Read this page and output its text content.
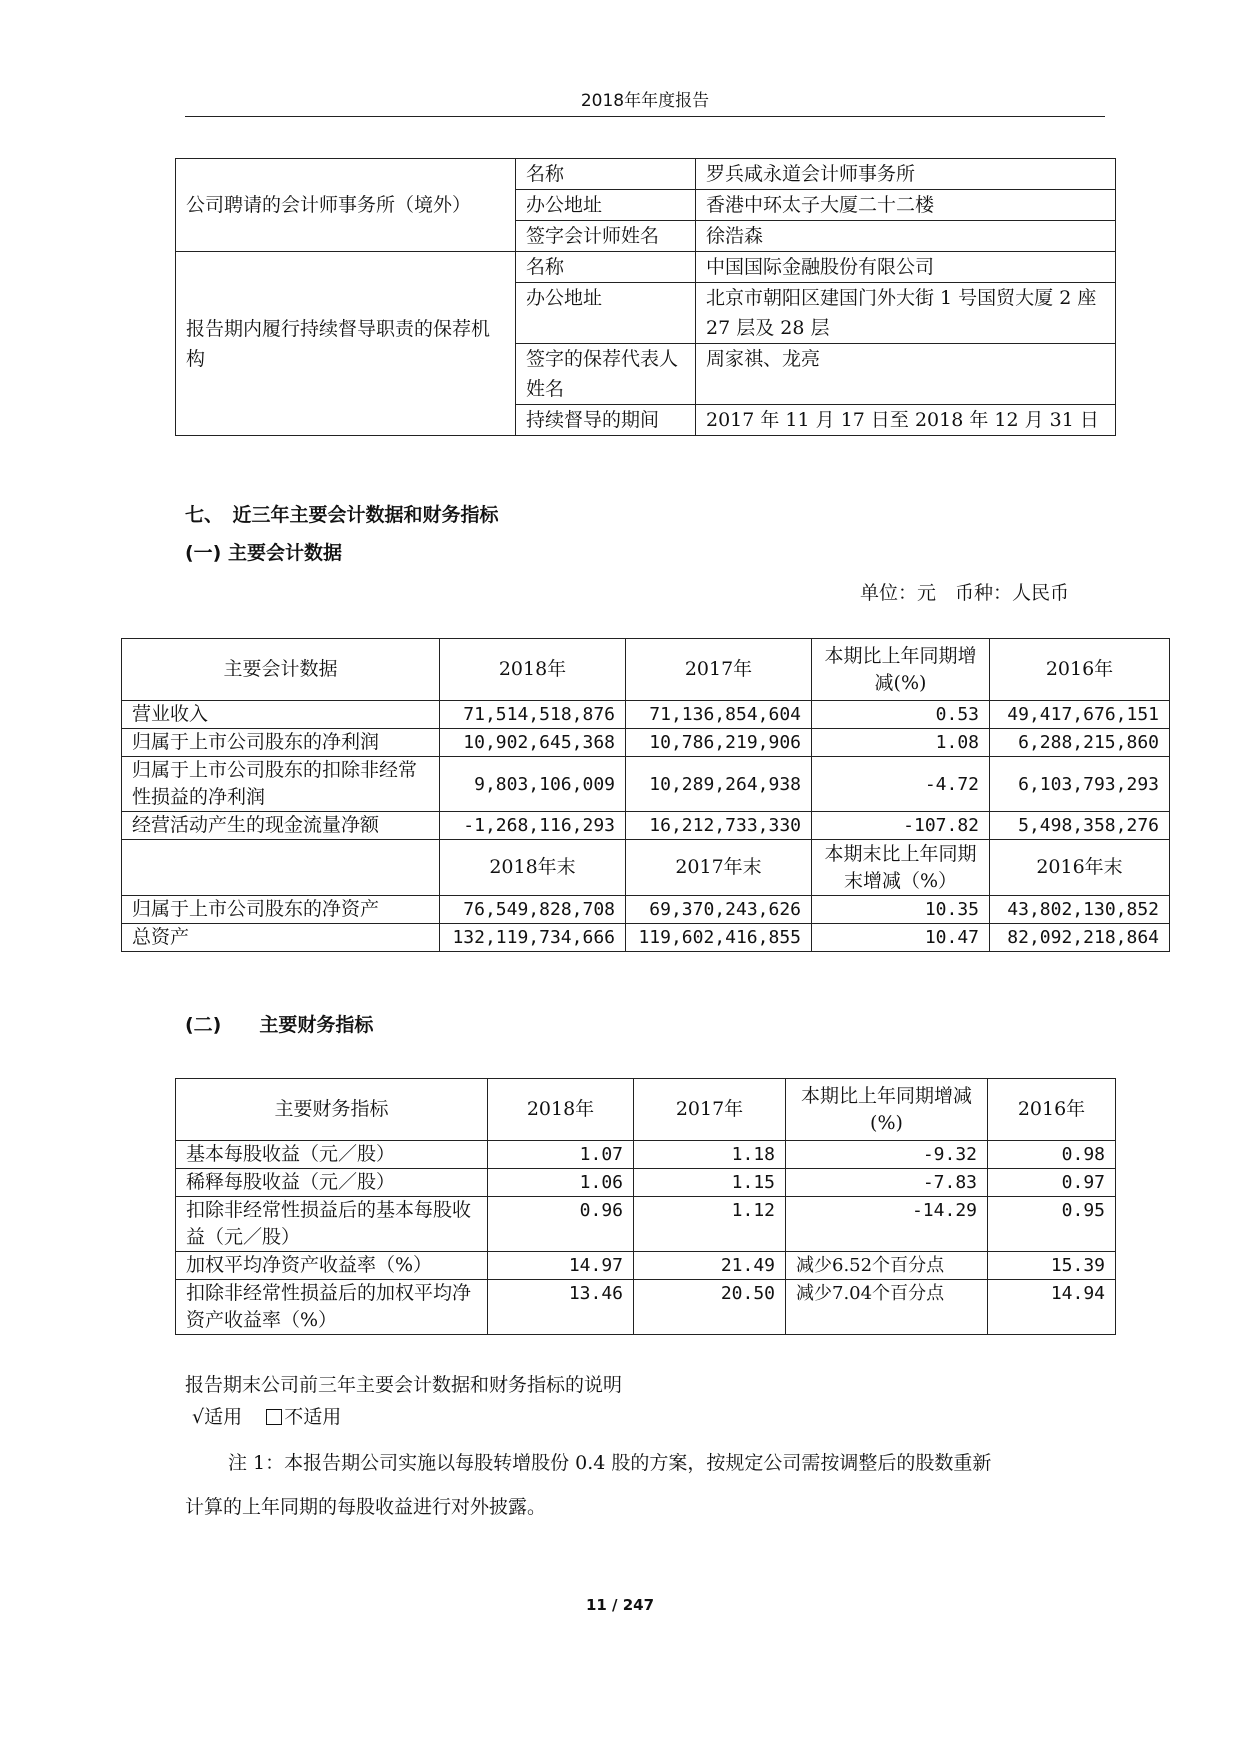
2018年年度报告
公司聘请的会计师事务所（境外）	名称	罗兵咸永道会计师事务所
	办公地址	香港中环太子大厦二十二楼
	签字会计师姓名	徐浩森
报告期内履行持续督导职责的保荐机构	名称	中国国际金融股份有限公司
	办公地址	北京市朝阳区建国门外大街 1 号国贸大厦 2 座 27 层及 28 层
	签字的保荐代表人姓名	周家祺、龙亮
	持续督导的期间	2017 年 11 月 17 日至 2018 年 12 月 31 日
七、　近三年主要会计数据和财务指标
(一) 主要会计数据
单位：元　币种：人民币
主要会计数据	2018年	2017年	本期比上年同期增减(%)	2016年
营业收入	71,514,518,876	71,136,854,604	0.53	49,417,676,151
归属于上市公司股东的净利润	10,902,645,368	10,786,219,906	1.08	6,288,215,860
归属于上市公司股东的扣除非经常性损益的净利润	9,803,106,009	10,289,264,938	-4.72	6,103,793,293
经营活动产生的现金流量净额	-1,268,116,293	16,212,733,330	-107.82	5,498,358,276
	2018年末	2017年末	本期末比上年同期末增减（%）	2016年末
归属于上市公司股东的净资产	76,549,828,708	69,370,243,626	10.35	43,802,130,852
总资产	132,119,734,666	119,602,416,855	10.47	82,092,218,864
(二)　　主要财务指标
主要财务指标	2018年	2017年	本期比上年同期增减(%)	2016年
基本每股收益（元／股）	1.07	1.18	-9.32	0.98
稀释每股收益（元／股）	1.06	1.15	-7.83	0.97
扣除非经常性损益后的基本每股收益（元／股）	0.96	1.12	-14.29	0.95
加权平均净资产收益率（%）	14.97	21.49	减少6.52个百分点	15.39
扣除非经常性损益后的加权平均净资产收益率（%）	13.46	20.50	减少7.04个百分点	14.94
报告期末公司前三年主要会计数据和财务指标的说明
√适用 不适用
注 1：本报告期公司实施以每股转增股份 0.4 股的方案，按规定公司需按调整后的股数重新
计算的上年同期的每股收益进行对外披露。
11 / 247
